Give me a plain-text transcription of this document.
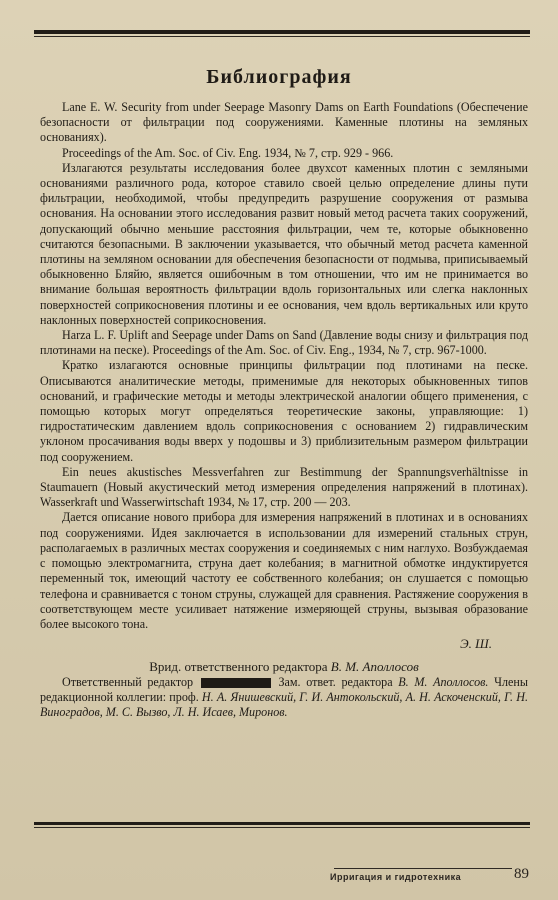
Библиография

Lane E. W. Security from under Seepage Masonry Dams on Earth Foundations (Обеспечение безопасности от фильтрации под сооружениями. Каменные плотины на земляных основаниях).

Proceedings of the Am. Soc. of Civ. Eng. 1934, № 7, стр. 929 - 966.

Излагаются результаты исследования более двухсот каменных плотин с земляными основаниями различного рода, которое ставило своей целью определение длины пути фильтрации, необходимой, чтобы предупредить разрушение сооружения от размыва основания. На основании этого исследования развит новый метод расчета таких сооружений, допускающий обычно меньшие расстояния фильтрации, чем те, которые обыкновенно считаются безопасными. В заключении указывается, что обычный метод расчета каменной плотины на земляном основании для обеспечения безопасности от подмыва, приписываемый обыкновенно Бляйю, является ошибочным в том отношении, что им не принимается во внимание большая вероятность фильтрации вдоль горизонтальных или слегка наклонных поверхностей соприкосновения плотины и ее основания, чем вдоль вертикальных или круто наклонных поверхностей соприкосновения.

Harza L. F. Uplift and Seepage under Dams on Sand (Давление воды снизу и фильтрация под плотинами на песке). Proceedings of the Am. Soc. of Civ. Eng., 1934, № 7, стр. 967-1000.

Кратко излагаются основные принципы фильтрации под плотинами на песке. Описываются аналитические методы, применимые для некоторых обыкновенных типов оснований, и графические методы и методы электрической аналогии общего применения, с помощью которых могут определяться теоретические законы, управляющие: 1) гидростатическим давлением вдоль соприкосновения с основанием 2) гидравлическим уклоном просачивания воды вверх у подошвы и 3) приблизительным размером фильтрации под сооружением.

Ein neues akustisches Messverfahren zur Bestimmung der Spannungsverhältnisse in Staumauern (Новый акустический метод измерения определения напряжений в плотинах). Wasserkraft und Wasserwirtschaft 1934, № 17, стр. 200 — 203.

Дается описание нового прибора для измерения напряжений в плотинах и в основаниях под сооружениями. Идея заключается в использовании для измерений стальных струн, располагаемых в различных местах сооружения и соединяемых с ним наглухо. Возбуждаемая с помощью электромагнита, струна дает колебания; в магнитной обмотке индуктируется переменный ток, имеющий частоту ее собственного колебания; он слушается с помощью телефона и сравнивается с тоном струны, служащей для сравнения. Растяжение сооружения в соответствующем месте усиливает натяжение измеряющей струны, вызывая образование более высокого тона.

Э. Ш.
Врид. ответственного редактора В. М. Аполлосов

Ответственный редактор	Зам. ответ. редактора В. М. Аполлосов. Члены редакционной коллегии: проф. Н. А. Янишевский, Г. И. Антокольский, А. Н. Аскоченский, Г. Н. Виноградов, М. С. Вызво, Л. Н. Исаев, Миронов.

Ирригация и гидротехника	89
